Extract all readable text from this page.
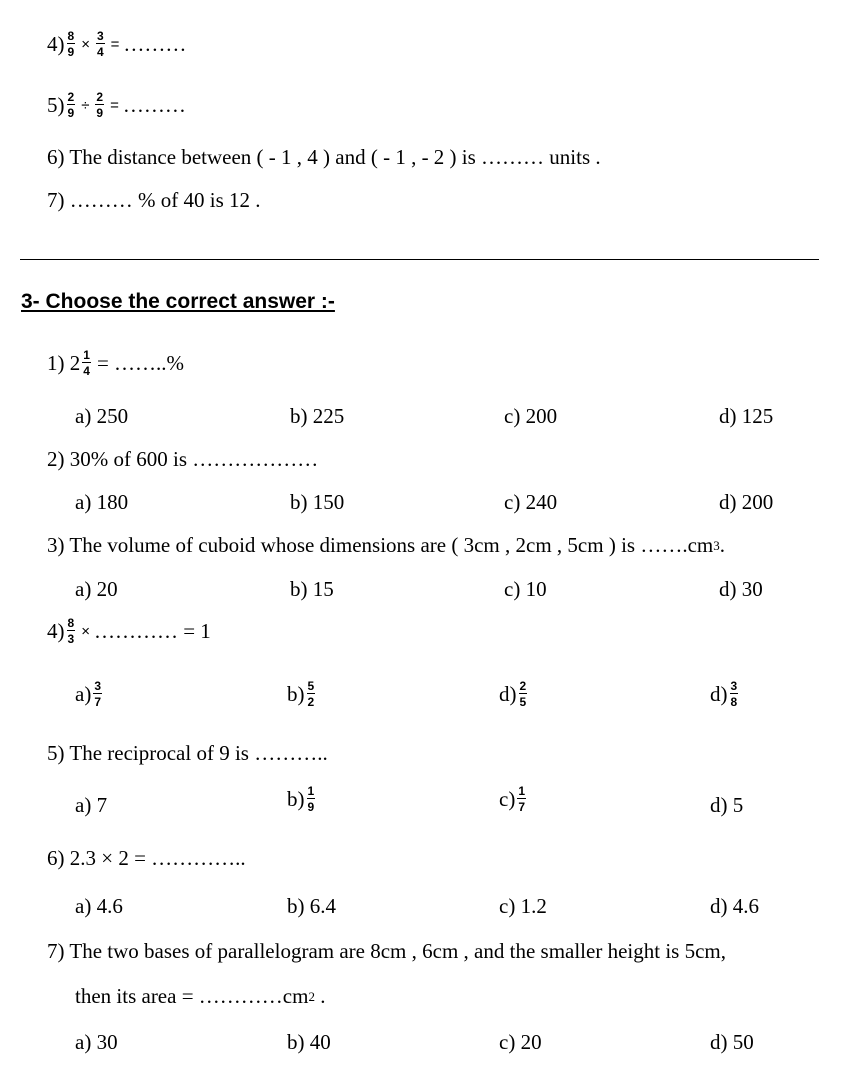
$4) \frac{8}{9} \times \frac{3}{4}$ = ………
$5) \frac{2}{9} \div \frac{2}{9}$ = ………
6) The distance between ( - 1 , 4 ) and ( - 1 , - 2 ) is ……… units .
7) ……… % of 40 is 12 .
3- Choose the correct answer :-
1) $2 \frac{1}{4}$ = ……..%
a) 250	b) 225	c) 200	d) 125
2) 30% of 600 is ………………
a) 180	b) 150	c) 240	d) 200
3) The volume of cuboid whose dimensions are ( 3cm , 2cm , 5cm ) is …….cm 3 .
a) 20	b) 15	c) 10	d) 30
$4) \frac{8}{3}$ × ………… = 1
$a) \frac{3}{7}$	$b) \frac{5}{2}$	$d) \frac{2}{5}$	$d) \frac{3}{8}$
5) The reciprocal of 9 is ………..
a) 7	$b) \frac{1}{9}$	$c) \frac{1}{7}$	d) 5
6) 2.3 × 2 = …………..
a) 4.6	b) 6.4	c) 1.2	d) 4.6
7) The two bases of parallelogram are 8cm , 6cm , and the smaller height is 5cm,
then its area = …………cm 2 .
a) 30	b) 40	c) 20	d) 50
